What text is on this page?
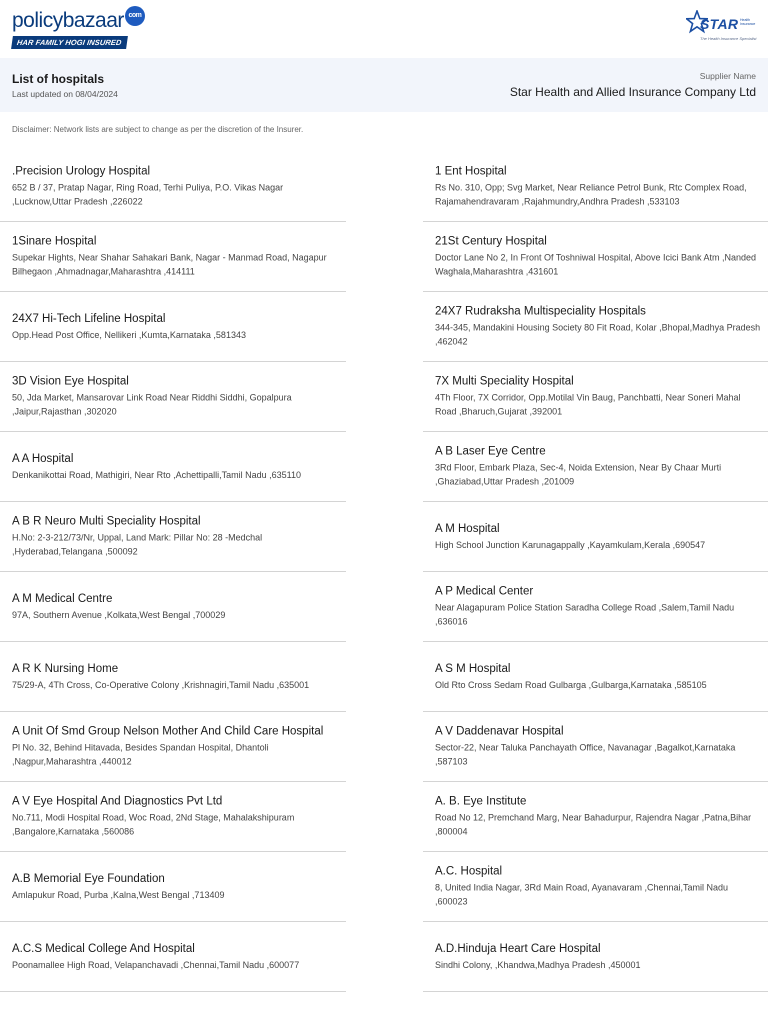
policybazaar com
HAR FAMILY HOGI INSURED
STAR Health Insurance
The Health Insurance Specialist
List of hospitals
Last updated on 08/04/2024
Supplier Name
Star Health and Allied Insurance Company Ltd
Disclaimer: Network lists are subject to change as per the discretion of the Insurer.
.Precision Urology Hospital
652 B / 37, Pratap Nagar, Ring Road, Terhi Puliya, P.O. Vikas Nagar ,Lucknow,Uttar Pradesh ,226022
1Sinare Hospital
Supekar Hights, Near Shahar Sahakari Bank, Nagar - Manmad Road, Nagapur Bilhegaon ,Ahmadnagar,Maharashtra ,414111
24X7 Hi-Tech Lifeline Hospital
Opp.Head Post Office, Nellikeri ,Kumta,Karnataka ,581343
3D Vision Eye Hospital
50, Jda Market, Mansarovar Link Road Near Riddhi Siddhi, Gopalpura ,Jaipur,Rajasthan ,302020
A A Hospital
Denkanikottai Road, Mathigiri, Near Rto ,Achettipalli,Tamil Nadu ,635110
A B R Neuro Multi Speciality Hospital
H.No: 2-3-212/73/Nr, Uppal, Land Mark: Pillar No: 28 -Medchal ,Hyderabad,Telangana ,500092
A M Medical Centre
97A, Southern Avenue ,Kolkata,West Bengal ,700029
A R K Nursing Home
75/29-A, 4Th Cross, Co-Operative Colony ,Krishnagiri,Tamil Nadu ,635001
A Unit Of Smd Group Nelson Mother And Child Care Hospital
Pl No. 32, Behind Hitavada, Besides Spandan Hospital, Dhantoli ,Nagpur,Maharashtra ,440012
A V Eye Hospital And Diagnostics Pvt Ltd
No.711, Modi Hospital Road, Woc Road, 2Nd Stage, Mahalakshipuram ,Bangalore,Karnataka ,560086
A.B Memorial Eye Foundation
Amlapukur Road, Purba ,Kalna,West Bengal ,713409
A.C.S Medical College And Hospital
Poonamallee High Road, Velapanchavadi ,Chennai,Tamil Nadu ,600077
1 Ent Hospital
Rs No. 310, Opp; Svg Market, Near Reliance Petrol Bunk, Rtc Complex Road, Rajamahendravaram ,Rajahmundry,Andhra Pradesh ,533103
21St Century Hospital
Doctor Lane No 2, In Front Of Toshniwal Hospital, Above Icici Bank Atm ,Nanded Waghala,Maharashtra ,431601
24X7 Rudraksha Multispeciality Hospitals
344-345, Mandakini Housing Society 80 Fit Road, Kolar ,Bhopal,Madhya Pradesh ,462042
7X Multi Speciality Hospital
4Th Floor, 7X Corridor, Opp.Motilal Vin Baug, Panchbatti, Near Soneri Mahal Road ,Bharuch,Gujarat ,392001
A B Laser Eye Centre
3Rd Floor, Embark Plaza, Sec-4, Noida Extension, Near By Chaar Murti ,Ghaziabad,Uttar Pradesh ,201009
A M Hospital
High School Junction Karunagappally ,Kayamkulam,Kerala ,690547
A P Medical Center
Near Alagapuram Police Station Saradha College Road ,Salem,Tamil Nadu ,636016
A S M Hospital
Old Rto Cross Sedam Road Gulbarga ,Gulbarga,Karnataka ,585105
A V Daddenavar Hospital
Sector-22, Near Taluka Panchayath Office, Navanagar ,Bagalkot,Karnataka ,587103
A. B. Eye Institute
Road No 12, Premchand Marg, Near Bahadurpur, Rajendra Nagar ,Patna,Bihar ,800004
A.C. Hospital
8, United India Nagar, 3Rd Main Road, Ayanavaram ,Chennai,Tamil Nadu ,600023
A.D.Hinduja Heart Care Hospital
Sindhi Colony, ,Khandwa,Madhya Pradesh ,450001
